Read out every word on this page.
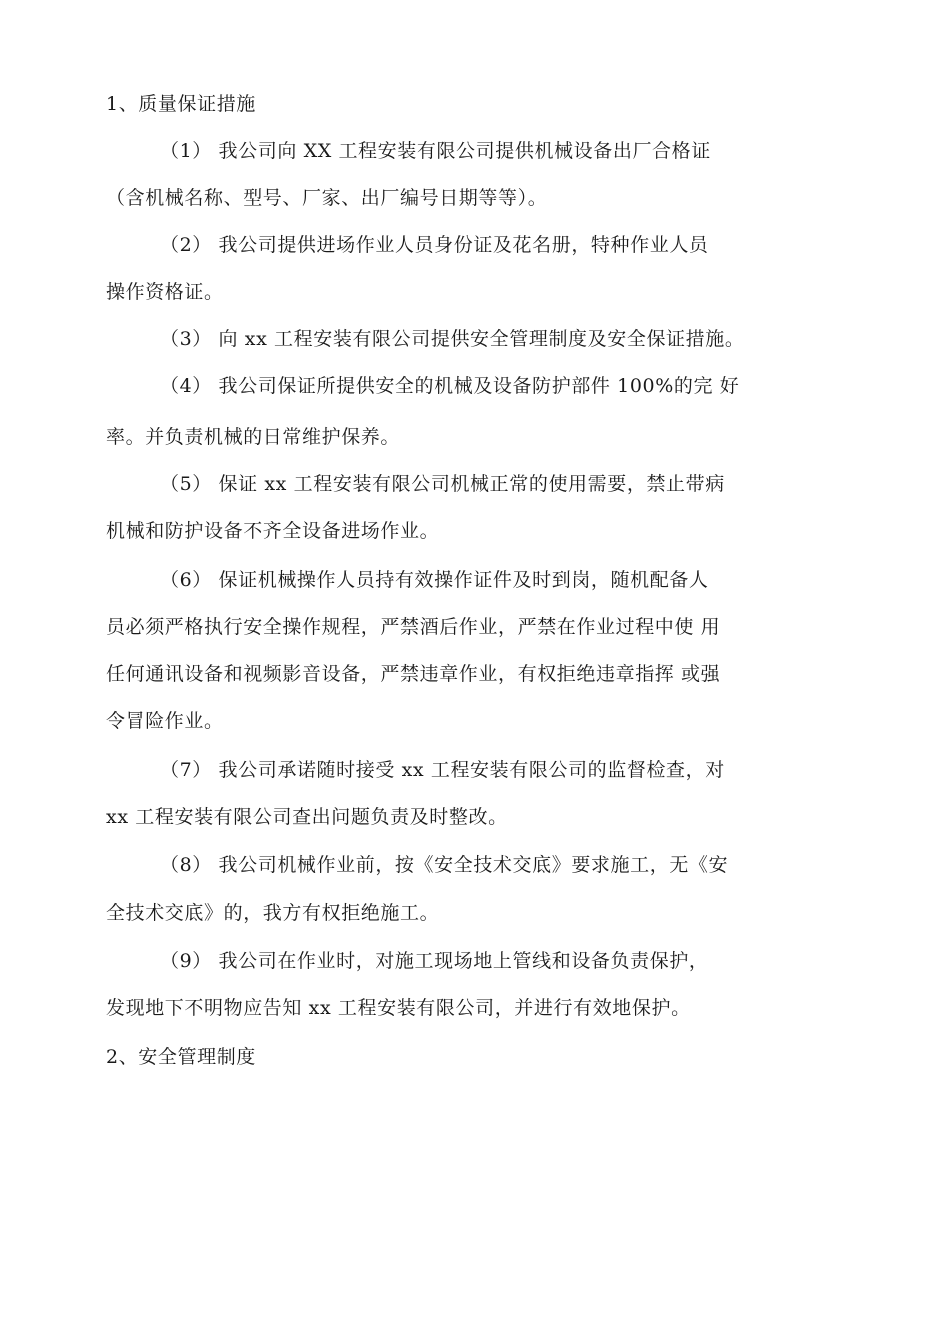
1、质量保证措施
（1） 我公司向 XX 工程安装有限公司提供机械设备出厂合格证
（含机械名称、型号、厂家、出厂编号日期等等）。
（2） 我公司提供进场作业人员身份证及花名册，特种作业人员
操作资格证。
（3） 向 xx 工程安装有限公司提供安全管理制度及安全保证措施。
（4） 我公司保证所提供安全的机械及设备防护部件 100%的完 好
率。并负责机械的日常维护保养。
（5） 保证 xx 工程安装有限公司机械正常的使用需要，禁止带病
机械和防护设备不齐全设备进场作业。
（6） 保证机械操作人员持有效操作证件及时到岗，随机配备人
员必须严格执行安全操作规程，严禁酒后作业，严禁在作业过程中使 用
任何通讯设备和视频影音设备，严禁违章作业，有权拒绝违章指挥 或强
令冒险作业。
（7） 我公司承诺随时接受 xx 工程安装有限公司的监督检查，对
xx 工程安装有限公司查出问题负责及时整改。
（8） 我公司机械作业前，按《安全技术交底》要求施工，无《安
全技术交底》的，我方有权拒绝施工。
（9） 我公司在作业时，对施工现场地上管线和设备负责保护，
发现地下不明物应告知 xx 工程安装有限公司，并进行有效地保护。
2、安全管理制度
